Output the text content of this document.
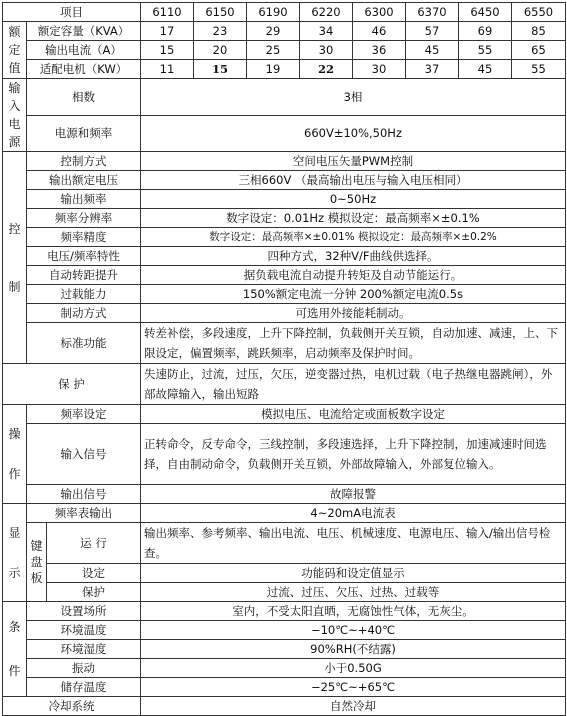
项目			6110	6150	6190	6220	6300	6370	6450	6550

额
定
值	额定容量（KVA）		17	23	29	34	46	57	69	85
	输出电流（A）		15	20	25	30	36	45	55	65
	适配电机（KW）		11	15	19	22	30	37	45	55

输入
电源	相数		3相							
	电源和频率		660V±10%,50Hz							

控
制	控制方式		空间电压矢量PWM控制							
	输出额定电压		三相660V （最高输出电压与输入电压相同）							
	输出频率		0~50Hz							
	频率分辨率		数字设定：0.01Hz 模拟设定：最高频率×±0.1%							
	频率精度		数字设定：最高频率×±0.01% 模拟设定：最高频率×±0.2%							
	电压/频率特性		四种方式，32种V/F曲线供选择。							
	自动转距提升		据负载电流自动提升转矩及自动节能运行。							
	过载能力		150%额定电流一分钟 200%额定电流0.5s							
	制动方式		可选用外接能耗制动。							
	标准功能		转差补偿，多段速度，上升下降控制，负载侧开关互锁，自动加速、减速，上、下限设定，偏置频率，跳跃频率，启动频率及保护时间。							
保 护			失速防止，过流，过压，欠压，逆变器过热，电机过载（电子热继电器跳闸），外部故障输入，输出短路							

操
作	频率设定		模拟电压、电流给定或面板数字设定							
	输入信号		正转命令，反专命令，三线控制，多段速选择，上升下降控制，加速减速时间选择，自由制动命令，负载侧开关互锁，外部故障输入，外部复位输入。							
	输出信号		故障报警							

显
示	频率表输出		4~20mA电流表							

	键
盘
板	运 行	输出频率、参考频率、输出电流、电压、机械速度、电源电压、输入/输出信号检查。							
		设定	功能码和设定值显示							
		保护	过流、过压、欠压、过热、过载等							

条
件	设置场所		室内，不受太阳直晒，无腐蚀性气体，无灰尘。							
	环境温度		−10℃~+40℃							
	环境湿度		90%RH(不结露)							
	振动		小于0.50G							
	储存温度		−25℃~+65℃							
冷却系统			自然冷却							
